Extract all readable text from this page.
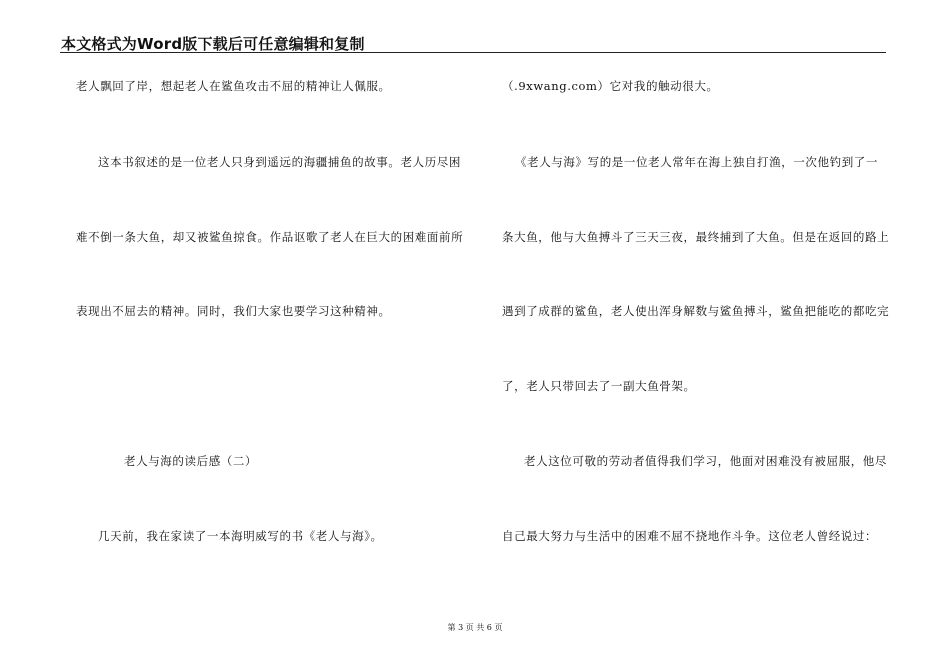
本文格式为Word版下载后可任意编辑和复制
老人飘回了岸，想起老人在鲨鱼攻击不屈的精神让人佩服。
这本书叙述的是一位老人只身到遥远的海疆捕鱼的故事。老人历尽困
难不倒一条大鱼，却又被鲨鱼掠食。作品讴歌了老人在巨大的困难面前所
表现出不屈去的精神。同时，我们大家也要学习这种精神。
老人与海的读后感（二）
几天前，我在家读了一本海明威写的书《老人与海》。
（.9xwang.com）它对我的触动很大。
《老人与海》写的是一位老人常年在海上独自打渔，一次他钓到了一
条大鱼，他与大鱼搏斗了三天三夜，最终捕到了大鱼。但是在返回的路上
遇到了成群的鲨鱼，老人使出浑身解数与鲨鱼搏斗，鲨鱼把能吃的都吃完
了，老人只带回去了一副大鱼骨架。
老人这位可敬的劳动者值得我们学习，他面对困难没有被屈服，他尽
自己最大努力与生活中的困难不屈不挠地作斗争。这位老人曾经说过：
第 3 页 共 6 页
